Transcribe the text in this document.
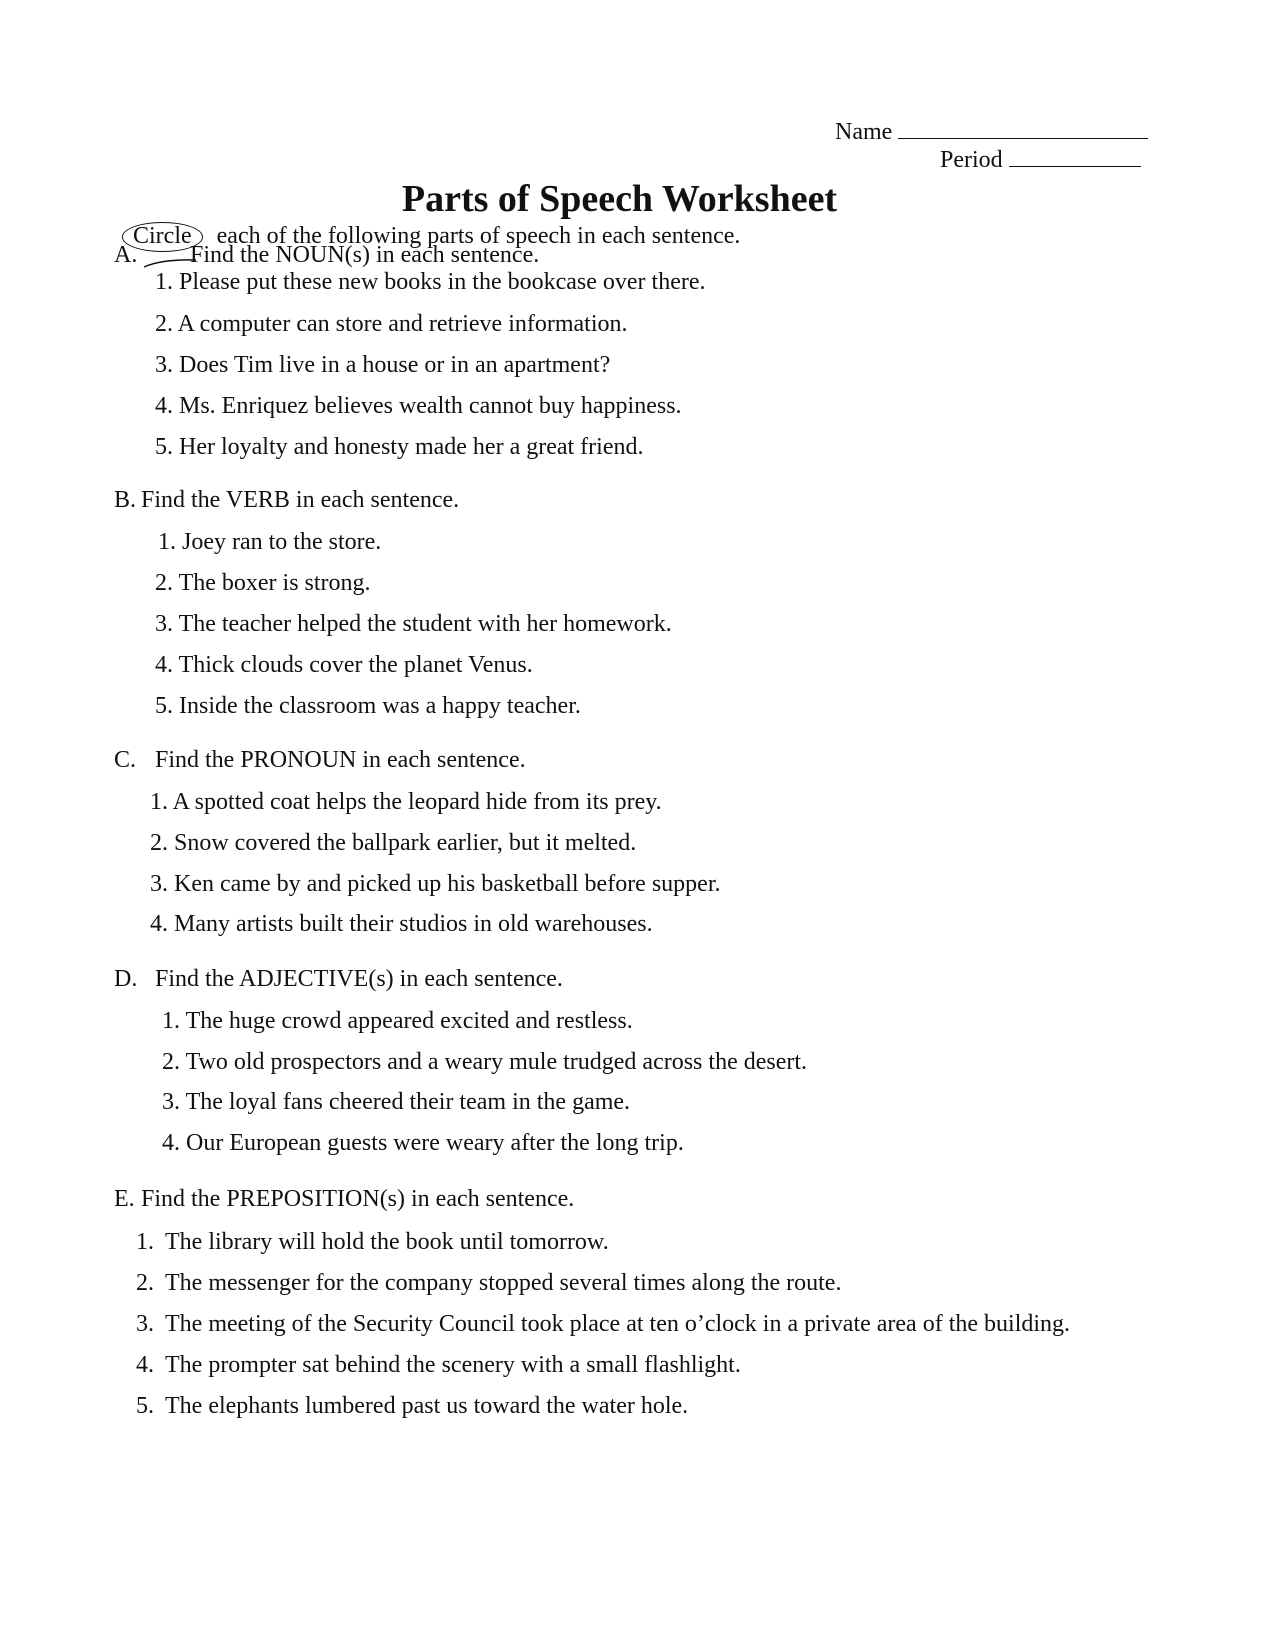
Name
Period
Parts of Speech Worksheet
Circle each of the following parts of speech in each sentence.
A. Find the NOUN(s) in each sentence.
1. Please put these new books in the bookcase over there.
2. A computer can store and retrieve information.
3. Does Tim live in a house or in an apartment?
4. Ms. Enriquez believes wealth cannot buy happiness.
5. Her loyalty and honesty made her a great friend.
B. Find the VERB in each sentence.
1. Joey ran to the store.
2. The boxer is strong.
3. The teacher helped the student with her homework.
4. Thick clouds cover the planet Venus.
5. Inside the classroom was a happy teacher.
C. Find the PRONOUN in each sentence.
1. A spotted coat helps the leopard hide from its prey.
2. Snow covered the ballpark earlier, but it melted.
3. Ken came by and picked up his basketball before supper.
4. Many artists built their studios in old warehouses.
D. Find the ADJECTIVE(s) in each sentence.
1. The huge crowd appeared excited and restless.
2. Two old prospectors and a weary mule trudged across the desert.
3. The loyal fans cheered their team in the game.
4. Our European guests were weary after the long trip.
E. Find the PREPOSITION(s) in each sentence.
1. The library will hold the book until tomorrow.
2. The messenger for the company stopped several times along the route.
3. The meeting of the Security Council took place at ten o’clock in a private area of the building.
4. The prompter sat behind the scenery with a small flashlight.
5. The elephants lumbered past us toward the water hole.
